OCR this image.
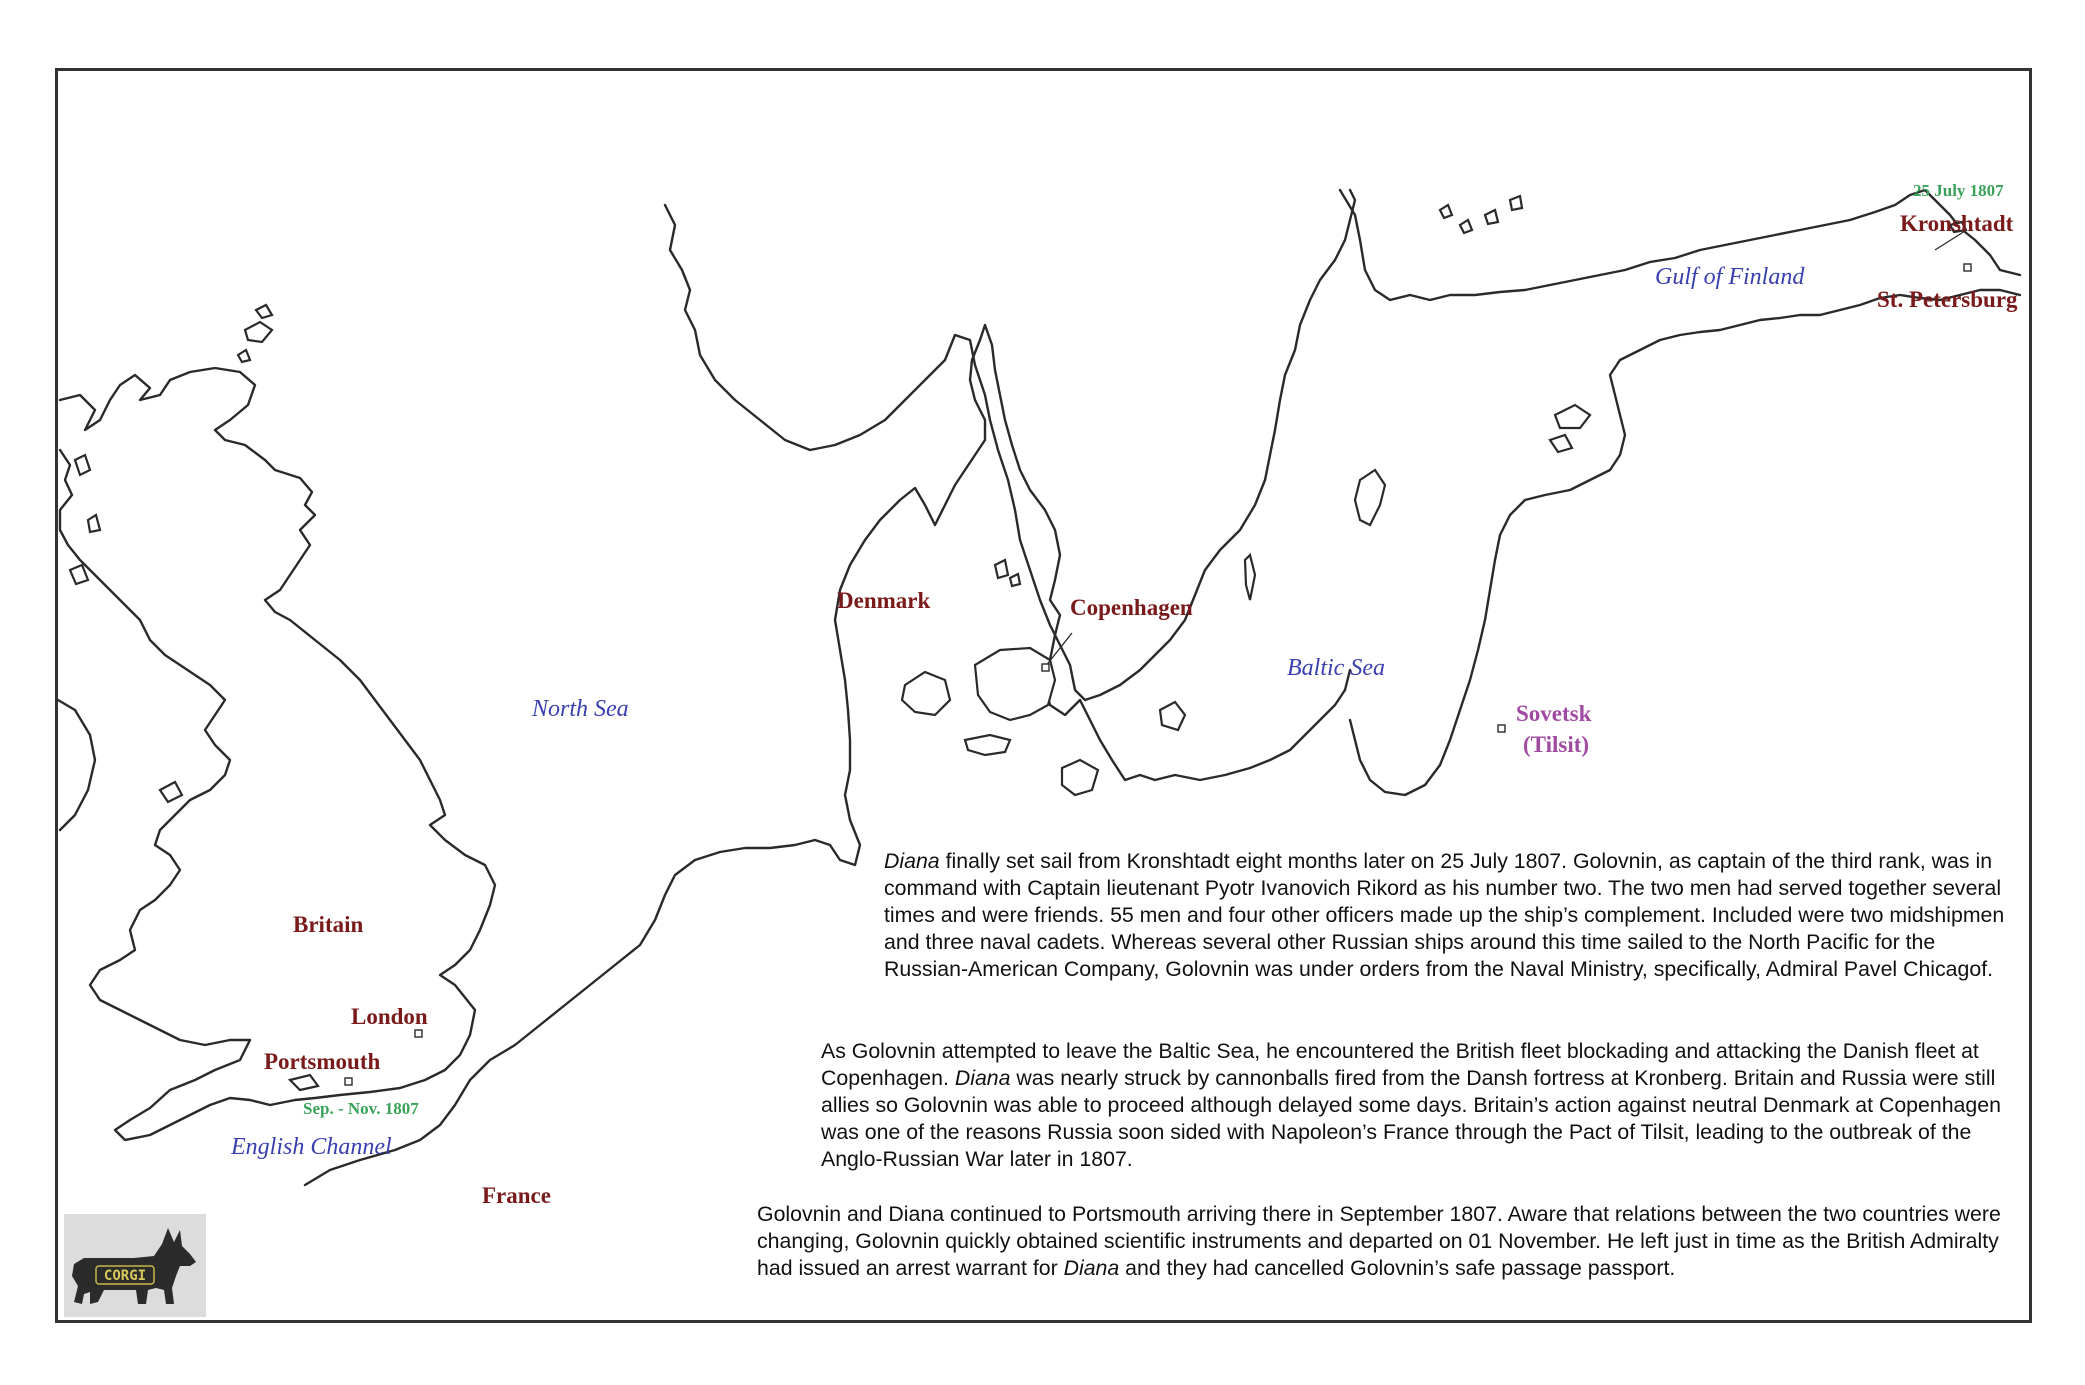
Britain
London
Portsmouth
Sep. - Nov. 1807
France
Denmark	Copenhagen
Sovetsk
(Tilsit)
25 July 1807
Kronshtadt
St. Petersburg
North Sea
English Channel
Baltic Sea
Gulf of Finland

Diana finally set sail from Kronshtadt eight months later on 25 July 1807. Golovnin, as captain of the third rank, was in command with Captain lieutenant Pyotr Ivanovich Rikord as his number two. The two men had served together several times and were friends. 55 men and four other officers made up the ship’s complement. Included were two midshipmen and three naval cadets. Whereas several other Russian ships around this time sailed to the North Pacific for the Russian-American Company, Golovnin was under orders from the Naval Ministry, specifically, Admiral Pavel Chicagof.

As Golovnin attempted to leave the Baltic Sea, he encountered the British fleet blockading and attacking the Danish fleet at Copenhagen. Diana was nearly struck by cannonballs fired from the Dansh fortress at Kronberg. Britain and Russia were still allies so Golovnin was able to proceed although delayed some days. Britain’s action against neutral Denmark at Copenhagen was one of the reasons Russia soon sided with Napoleon’s France through the Pact of Tilsit, leading to the outbreak of the Anglo-Russian War later in 1807.

Golovnin and Diana continued to Portsmouth arriving there in September 1807. Aware that relations between the two countries were changing, Golovnin quickly obtained scientific instruments and departed on 01 November. He left just in time as the British Admiralty had issued an arrest warrant for Diana and they had cancelled Golovnin’s safe passage passport.

CORGI
